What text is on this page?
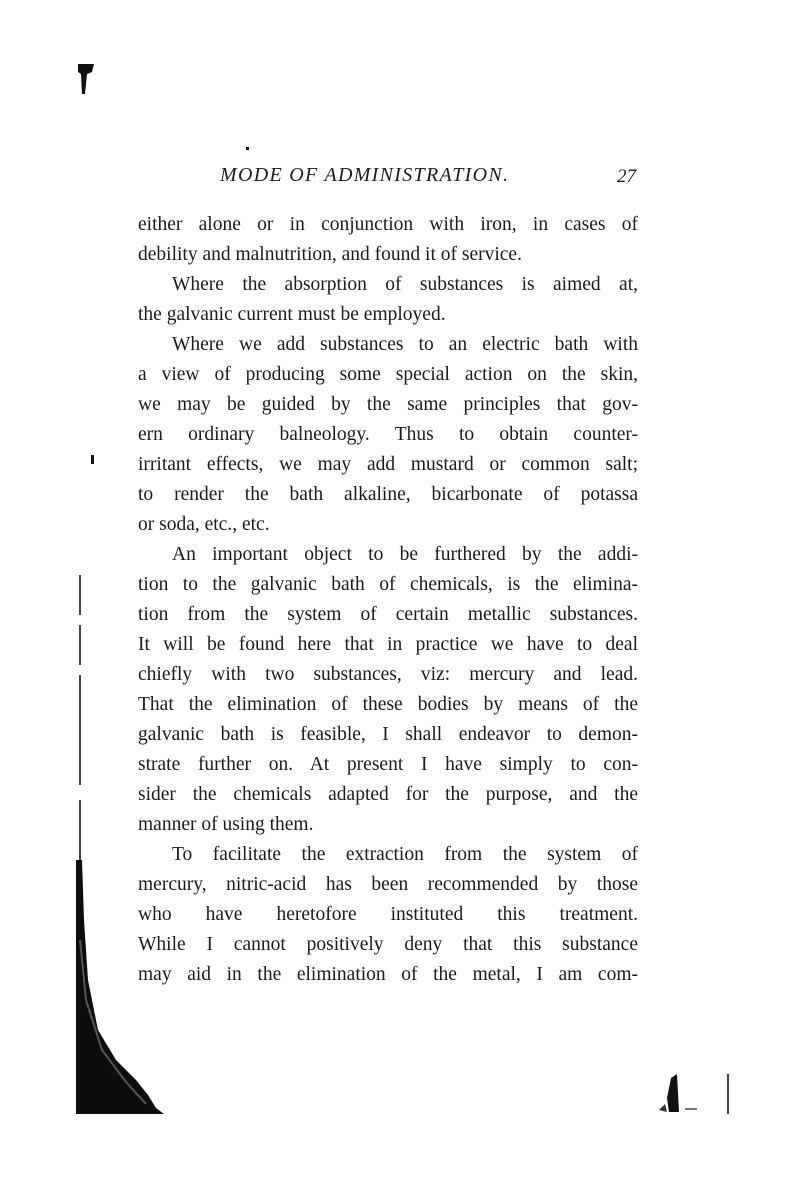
MODE OF ADMINISTRATION.	27
either alone or in conjunction with iron, in cases of
debility and malnutrition, and found it of service.
Where the absorption of substances is aimed at,
the galvanic current must be employed.
Where we add substances to an electric bath with
a view of producing some special action on the skin,
we may be guided by the same principles that gov-
ern ordinary balneology. Thus to obtain counter-
irritant effects, we may add mustard or common salt;
to render the bath alkaline, bicarbonate of potassa
or soda, etc., etc.
An important object to be furthered by the addi-
tion to the galvanic bath of chemicals, is the elimina-
tion from the system of certain metallic substances.
It will be found here that in practice we have to deal
chiefly with two substances, viz: mercury and lead.
That the elimination of these bodies by means of the
galvanic bath is feasible, I shall endeavor to demon-
strate further on. At present I have simply to con-
sider the chemicals adapted for the purpose, and the
manner of using them.
To facilitate the extraction from the system of
mercury, nitric-acid has been recommended by those
who have heretofore instituted this treatment.
While I cannot positively deny that this substance
may aid in the elimination of the metal, I am com-
